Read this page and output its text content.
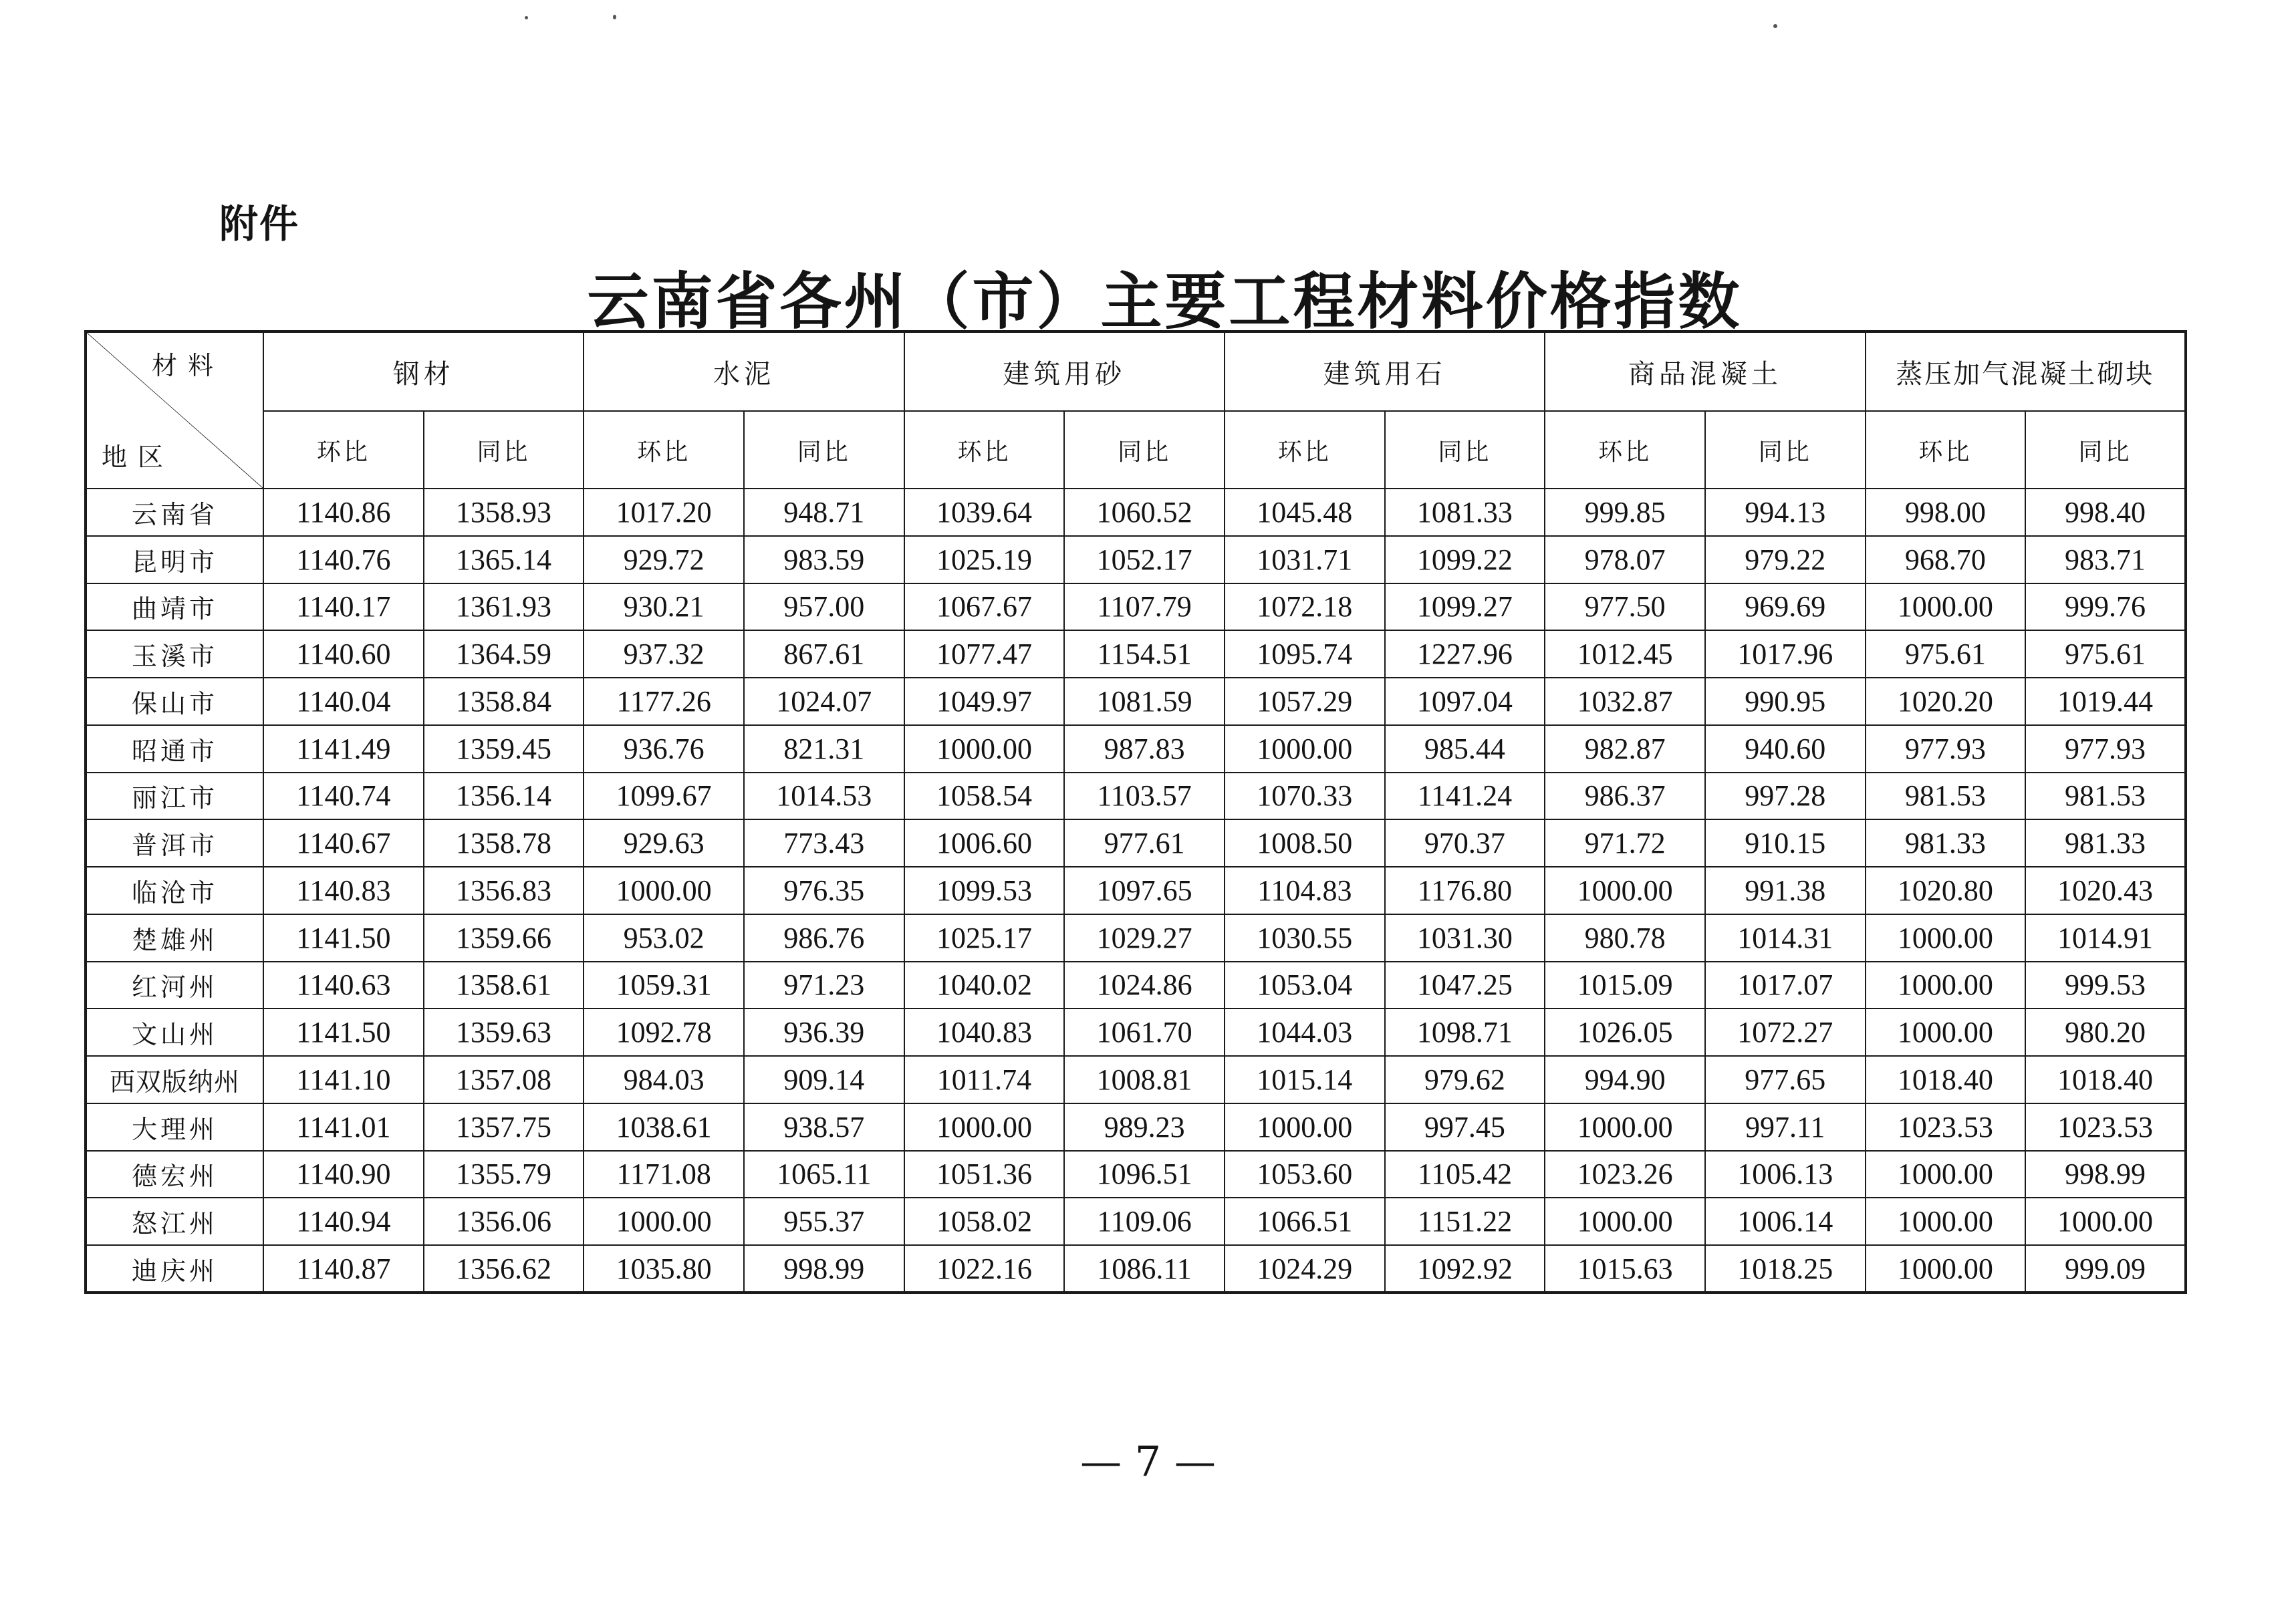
附件
云南省各州（市）主要工程材料价格指数
材料
地区	钢材		水泥		建筑用砂		建筑用石		商品混凝土		蒸压加气混凝土砌块	
	环比	同比	环比	同比	环比	同比	环比	同比	环比	同比	环比	同比
云南省	1140.86	1358.93	1017.20	948.71	1039.64	1060.52	1045.48	1081.33	999.85	994.13	998.00	998.40
昆明市	1140.76	1365.14	929.72	983.59	1025.19	1052.17	1031.71	1099.22	978.07	979.22	968.70	983.71
曲靖市	1140.17	1361.93	930.21	957.00	1067.67	1107.79	1072.18	1099.27	977.50	969.69	1000.00	999.76
玉溪市	1140.60	1364.59	937.32	867.61	1077.47	1154.51	1095.74	1227.96	1012.45	1017.96	975.61	975.61
保山市	1140.04	1358.84	1177.26	1024.07	1049.97	1081.59	1057.29	1097.04	1032.87	990.95	1020.20	1019.44
昭通市	1141.49	1359.45	936.76	821.31	1000.00	987.83	1000.00	985.44	982.87	940.60	977.93	977.93
丽江市	1140.74	1356.14	1099.67	1014.53	1058.54	1103.57	1070.33	1141.24	986.37	997.28	981.53	981.53
普洱市	1140.67	1358.78	929.63	773.43	1006.60	977.61	1008.50	970.37	971.72	910.15	981.33	981.33
临沧市	1140.83	1356.83	1000.00	976.35	1099.53	1097.65	1104.83	1176.80	1000.00	991.38	1020.80	1020.43
楚雄州	1141.50	1359.66	953.02	986.76	1025.17	1029.27	1030.55	1031.30	980.78	1014.31	1000.00	1014.91
红河州	1140.63	1358.61	1059.31	971.23	1040.02	1024.86	1053.04	1047.25	1015.09	1017.07	1000.00	999.53
文山州	1141.50	1359.63	1092.78	936.39	1040.83	1061.70	1044.03	1098.71	1026.05	1072.27	1000.00	980.20
西双版纳州	1141.10	1357.08	984.03	909.14	1011.74	1008.81	1015.14	979.62	994.90	977.65	1018.40	1018.40
大理州	1141.01	1357.75	1038.61	938.57	1000.00	989.23	1000.00	997.45	1000.00	997.11	1023.53	1023.53
德宏州	1140.90	1355.79	1171.08	1065.11	1051.36	1096.51	1053.60	1105.42	1023.26	1006.13	1000.00	998.99
怒江州	1140.94	1356.06	1000.00	955.37	1058.02	1109.06	1066.51	1151.22	1000.00	1006.14	1000.00	1000.00
迪庆州	1140.87	1356.62	1035.80	998.99	1022.16	1086.11	1024.29	1092.92	1015.63	1018.25	1000.00	999.09
— 7 —
